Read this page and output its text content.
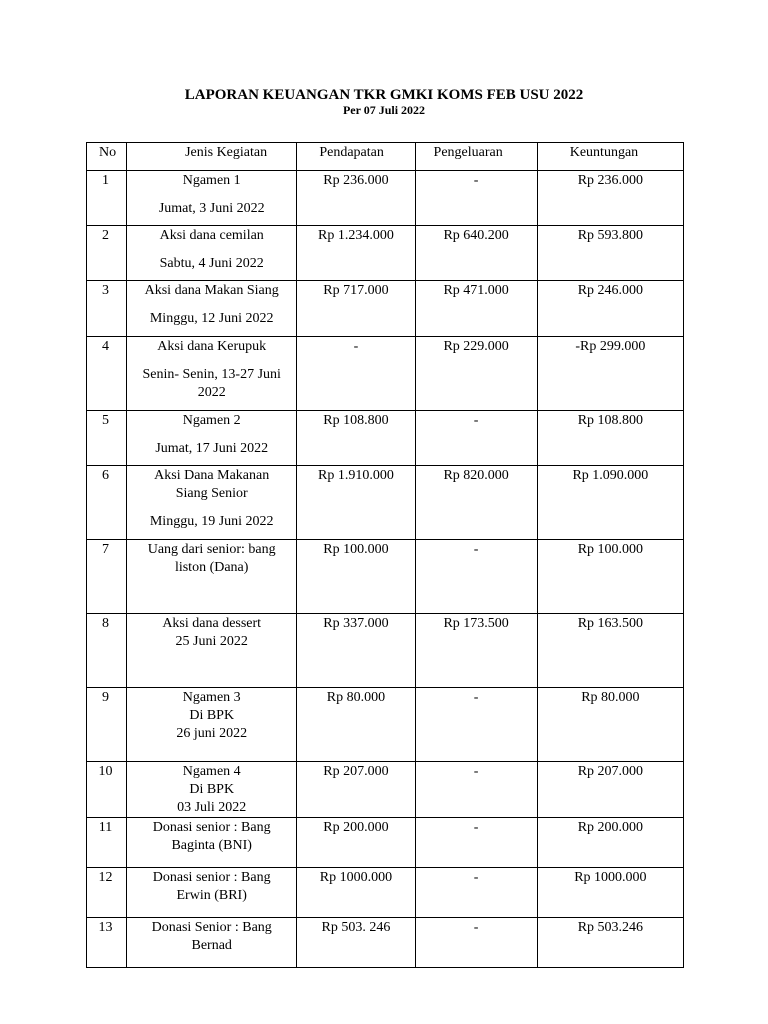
LAPORAN KEUANGAN TKR GMKI KOMS FEB USU 2022
Per 07 Juli 2022
No	Jenis Kegiatan	Pendapatan	Pengeluaran	Keuntungan

1	Ngamen 1
Jumat, 3 Juni 2022	Rp 236.000	-	Rp 236.000

2	Aksi dana cemilan
Sabtu, 4 Juni 2022	Rp 1.234.000	Rp 640.200	Rp 593.800

3	Aksi dana Makan Siang
Minggu, 12 Juni 2022	Rp 717.000	Rp 471.000	Rp 246.000

4	Aksi dana Kerupuk
Senin- Senin, 13-27 Juni
2022	-	Rp 229.000	-Rp 299.000

5	Ngamen 2
Jumat, 17 Juni 2022	Rp 108.800	-	Rp 108.800

6	Aksi Dana Makanan
Siang Senior
Minggu, 19 Juni 2022	Rp 1.910.000	Rp 820.000	Rp 1.090.000

7	Uang dari senior: bang
liston (Dana)	Rp 100.000	-	Rp 100.000

8	Aksi dana dessert
25 Juni 2022	Rp 337.000	Rp 173.500	Rp 163.500

9	Ngamen 3
Di BPK
26 juni 2022	Rp 80.000	-	Rp 80.000

10	Ngamen 4
Di BPK
03 Juli 2022	Rp 207.000	-	Rp 207.000

11	Donasi senior : Bang
Baginta (BNI)	Rp 200.000	-	Rp 200.000

12	Donasi senior : Bang
Erwin (BRI)	Rp 1000.000	-	Rp 1000.000

13	Donasi Senior : Bang
Bernad	Rp 503. 246	-	Rp 503.246
